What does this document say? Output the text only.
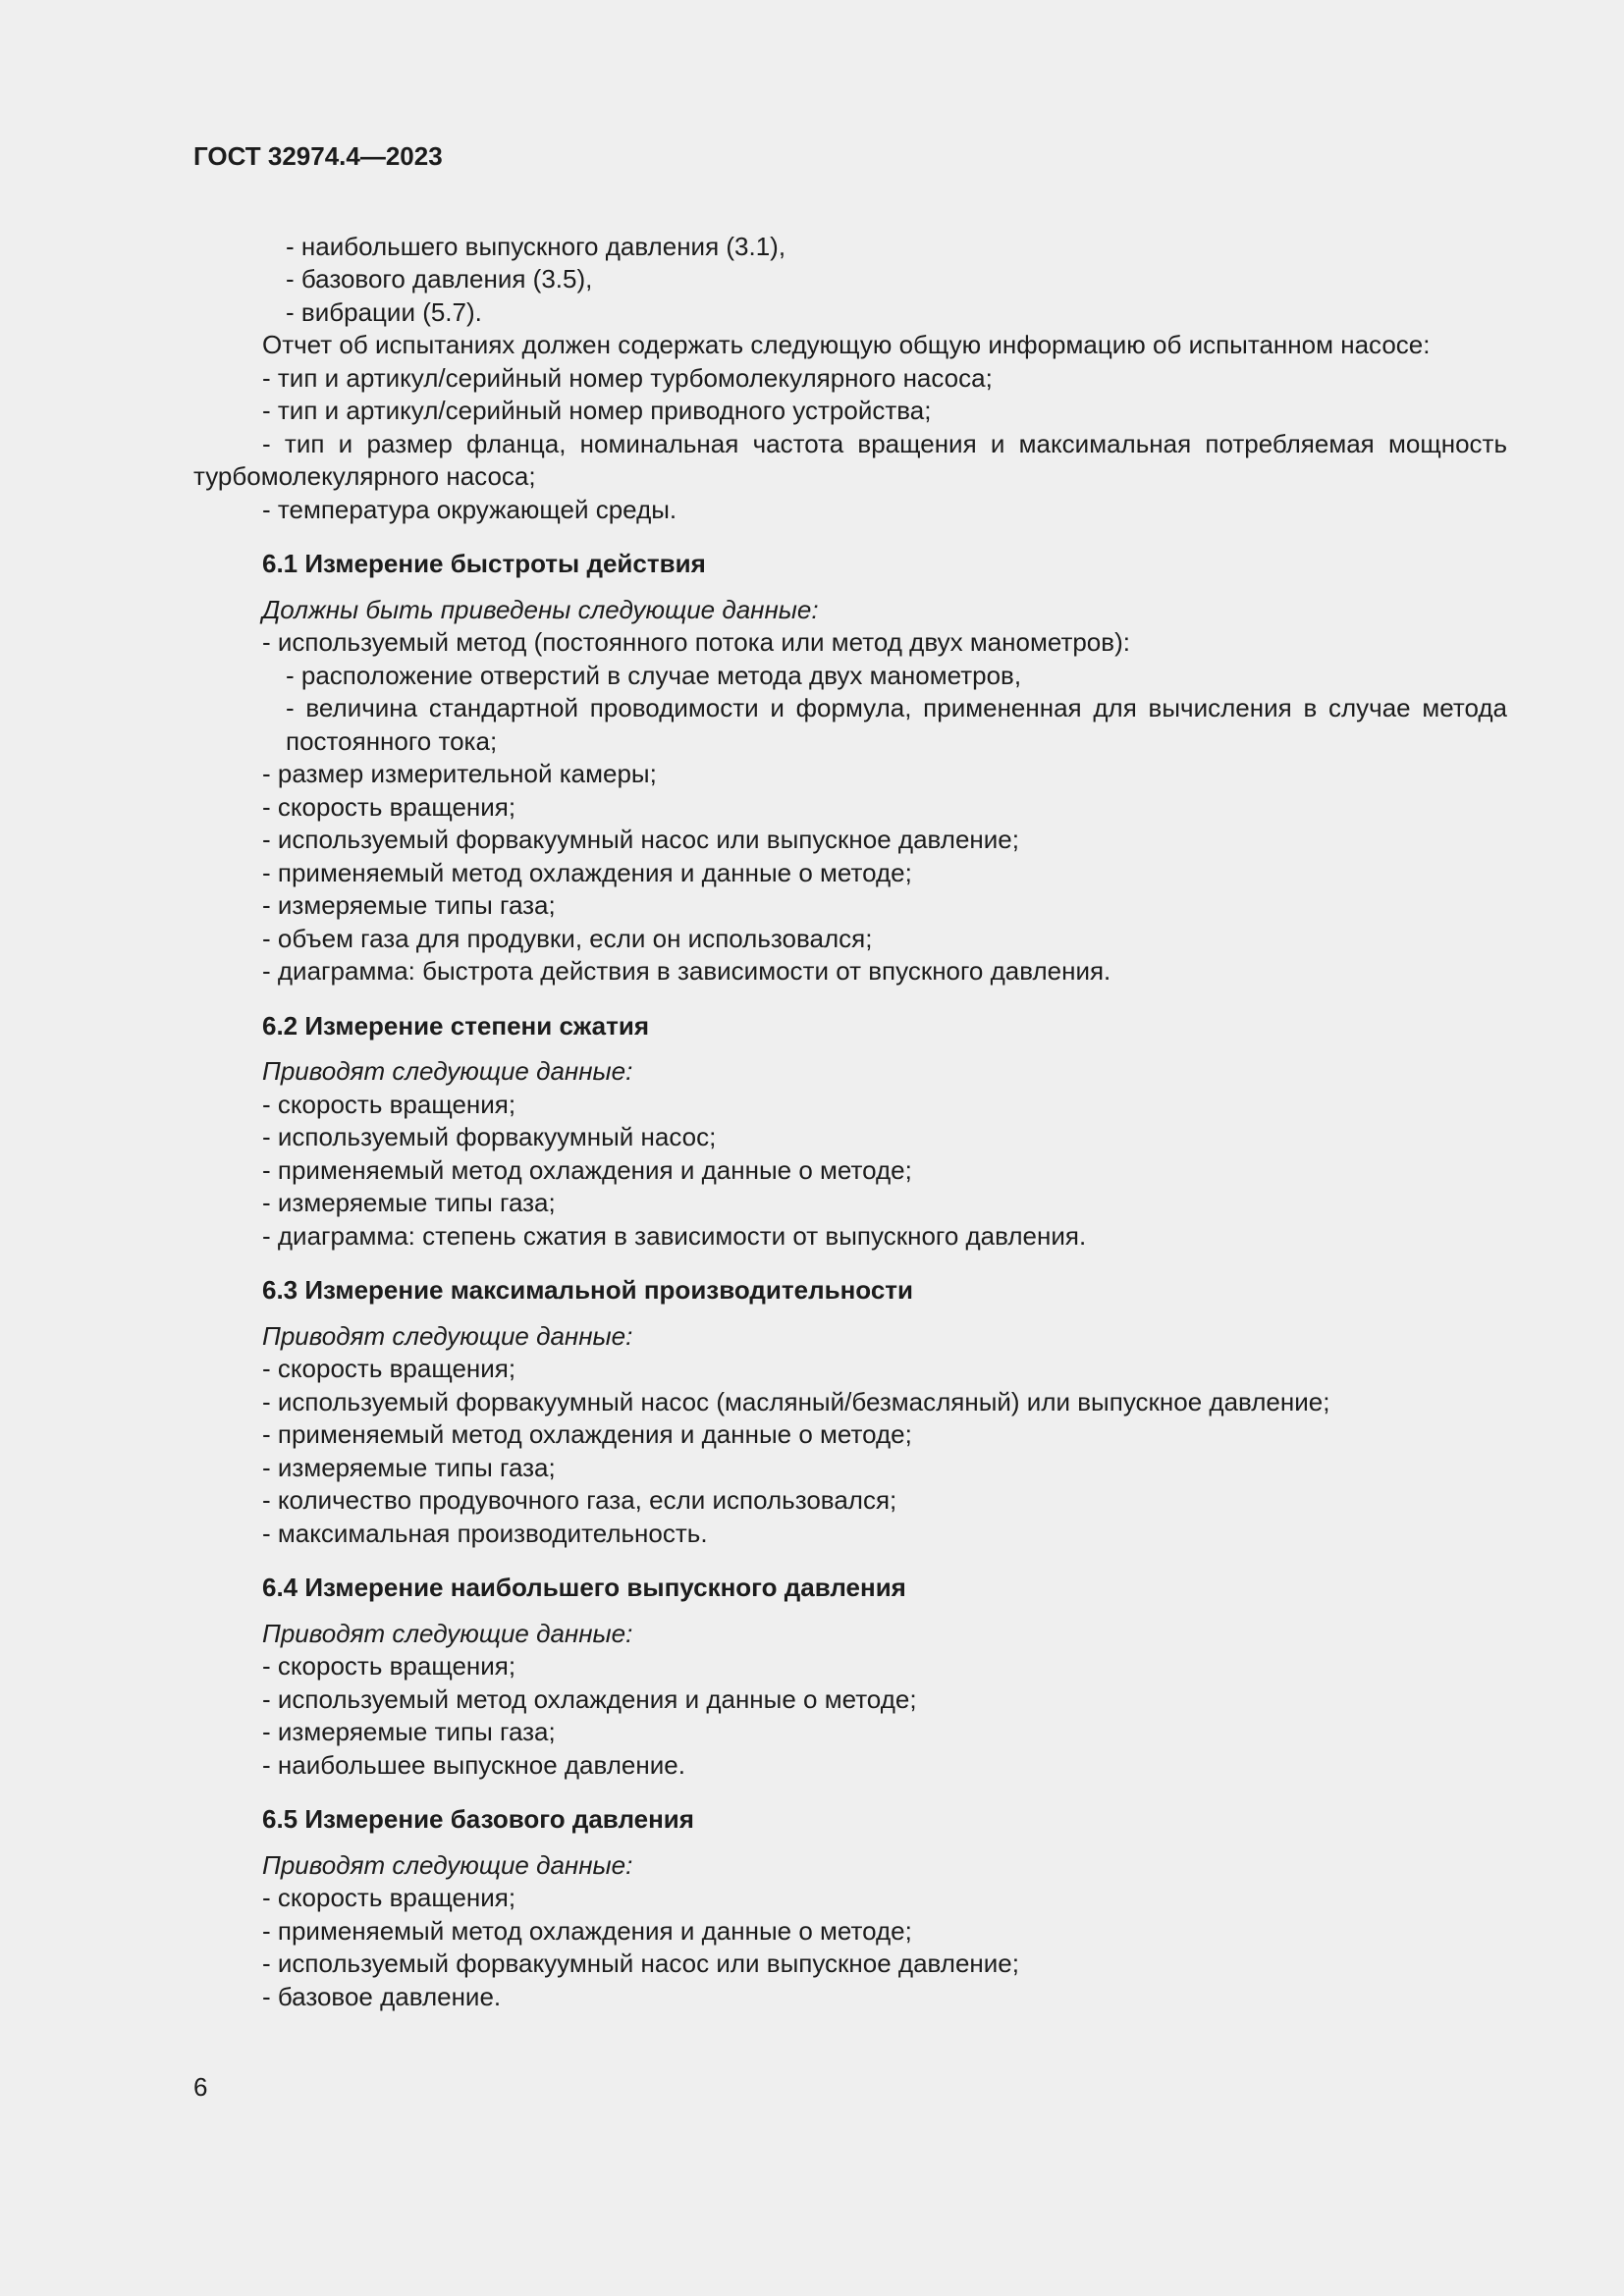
ГОСТ 32974.4—2023

- наибольшего выпускного давления (3.1),

- базового давления (3.5),

- вибрации (5.7).

Отчет об испытаниях должен содержать следующую общую информацию об испытанном насосе:

- тип и артикул/серийный номер турбомолекулярного насоса;

- тип и артикул/серийный номер приводного устройства;

- тип и размер фланца, номинальная частота вращения и максимальная потребляемая мощность турбомолекулярного насоса;

- температура окружающей среды.

6.1 Измерение быстроты действия

Должны быть приведены следующие данные:

- используемый метод (постоянного потока или метод двух манометров):

- расположение отверстий в случае метода двух манометров,

- величина стандартной проводимости и формула, примененная для вычисления в случае метода постоянного тока;

- размер измерительной камеры;

- скорость вращения;

- используемый форвакуумный насос или выпускное давление;

- применяемый метод охлаждения и данные о методе;

- измеряемые типы газа;

- объем газа для продувки, если он использовался;

- диаграмма: быстрота действия в зависимости от впускного давления.

6.2 Измерение степени сжатия

Приводят следующие данные:

- скорость вращения;

- используемый форвакуумный насос;

- применяемый метод охлаждения и данные о методе;

- измеряемые типы газа;

- диаграмма: степень сжатия в зависимости от выпускного давления.

6.3 Измерение максимальной производительности

Приводят следующие данные:

- скорость вращения;

- используемый форвакуумный насос (масляный/безмасляный) или выпускное давление;

- применяемый метод охлаждения и данные о методе;

- измеряемые типы газа;

- количество продувочного газа, если использовался;

- максимальная производительность.

6.4 Измерение наибольшего выпускного давления

Приводят следующие данные:

- скорость вращения;

- используемый метод охлаждения и данные о методе;

- измеряемые типы газа;

- наибольшее выпускное давление.

6.5 Измерение базового давления

Приводят следующие данные:

- скорость вращения;

- применяемый метод охлаждения и данные о методе;

- используемый форвакуумный насос или выпускное давление;

- базовое давление.

6
